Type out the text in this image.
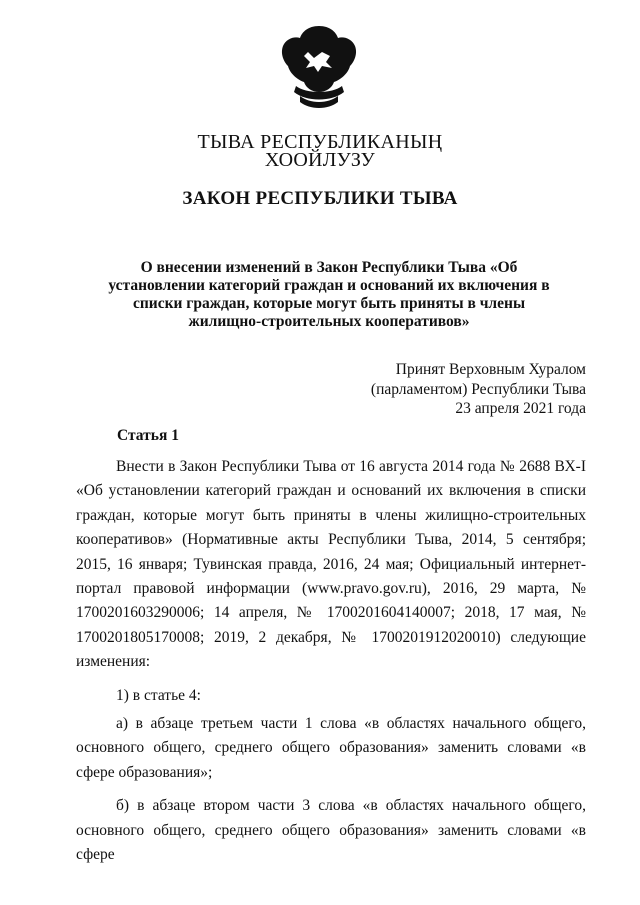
ТЫВА РЕСПУБЛИКАНЫҢ
ХООЙЛУЗУ
ЗАКОН РЕСПУБЛИКИ ТЫВА
О внесении изменений в Закон Республики Тыва «Об установлении категорий граждан и оснований их включения в списки граждан, которые могут быть приняты в члены жилищно-строительных кооперативов»
Принят Верховным Хуралом
(парламентом) Республики Тыва
23 апреля 2021 года
Статья 1

Внести в Закон Республики Тыва от 16 августа 2014 года № 2688 ВХ-I «Об установлении категорий граждан и оснований их включения в списки граждан, которые могут быть приняты в члены жилищно-строительных кооперативов» (Нормативные акты Республики Тыва, 2014, 5 сентября; 2015, 16 января; Тувинская правда, 2016, 24 мая; Официальный интернет-портал правовой информации (www.pravo.gov.ru), 2016, 29 марта, № 1700201603290006; 14 апреля, № 1700201604140007; 2018, 17 мая, № 1700201805170008; 2019, 2 декабря, № 1700201912020010) следующие изменения:

1) в статье 4:

а) в абзаце третьем части 1 слова «в областях начального общего, основного общего, среднего общего образования» заменить словами «в сфере образования»;

б) в абзаце втором части 3 слова «в областях начального общего, основного общего, среднего общего образования» заменить словами «в сфере
